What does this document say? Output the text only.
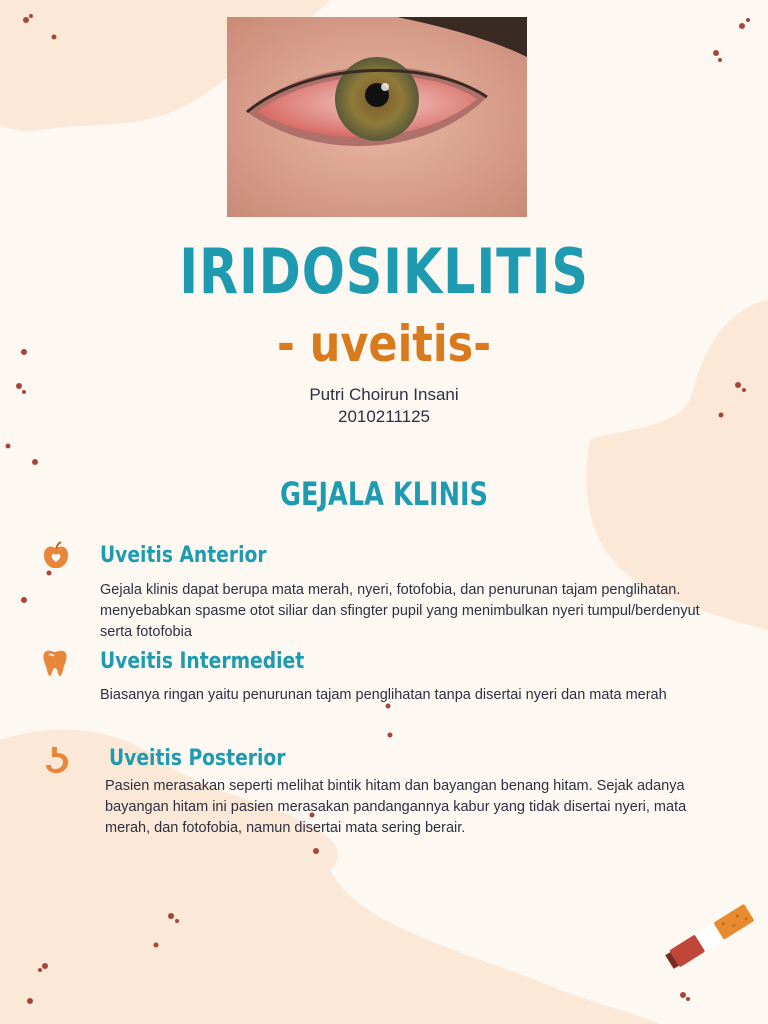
IRIDOSIKLITIS
- uveitis-
Putri Choirun Insani
2010211125
GEJALA KLINIS
Uveitis Anterior
Gejala klinis dapat berupa mata merah, nyeri, fotofobia, dan penurunan tajam penglihatan. menyebabkan spasme otot siliar dan sfingter pupil yang menimbulkan nyeri tumpul/berdenyut serta fotofobia
Uveitis Intermediet
Biasanya ringan yaitu penurunan tajam penglihatan tanpa disertai nyeri dan mata merah
Uveitis Posterior
Pasien merasakan seperti melihat bintik hitam dan bayangan benang hitam. Sejak adanya bayangan hitam ini pasien merasakan pandangannya kabur yang tidak disertai nyeri, mata merah, dan fotofobia, namun disertai mata sering berair.
